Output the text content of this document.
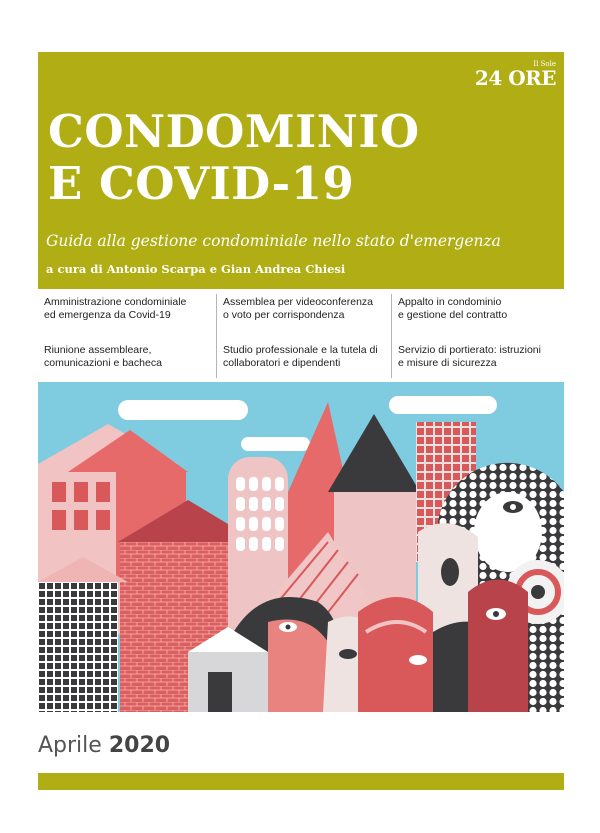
Il Sole
24 ORE
CONDOMINIO
E COVID-19

Guida alla gestione condominiale nello stato d'emergenza

a cura di Antonio Scarpa e Gian Andrea Chiesi

Amministrazione condominiale
ed emergenza da Covid-19
Riunione assembleare,
comunicazioni e bacheca
Assemblea per videoconferenza
o voto per corrispondenza
Studio professionale e la tutela di
collaboratori e dipendenti
Appalto in condominio
e gestione del contratto
Servizio di portierato: istruzioni
e misure di sicurezza

Aprile 2020
